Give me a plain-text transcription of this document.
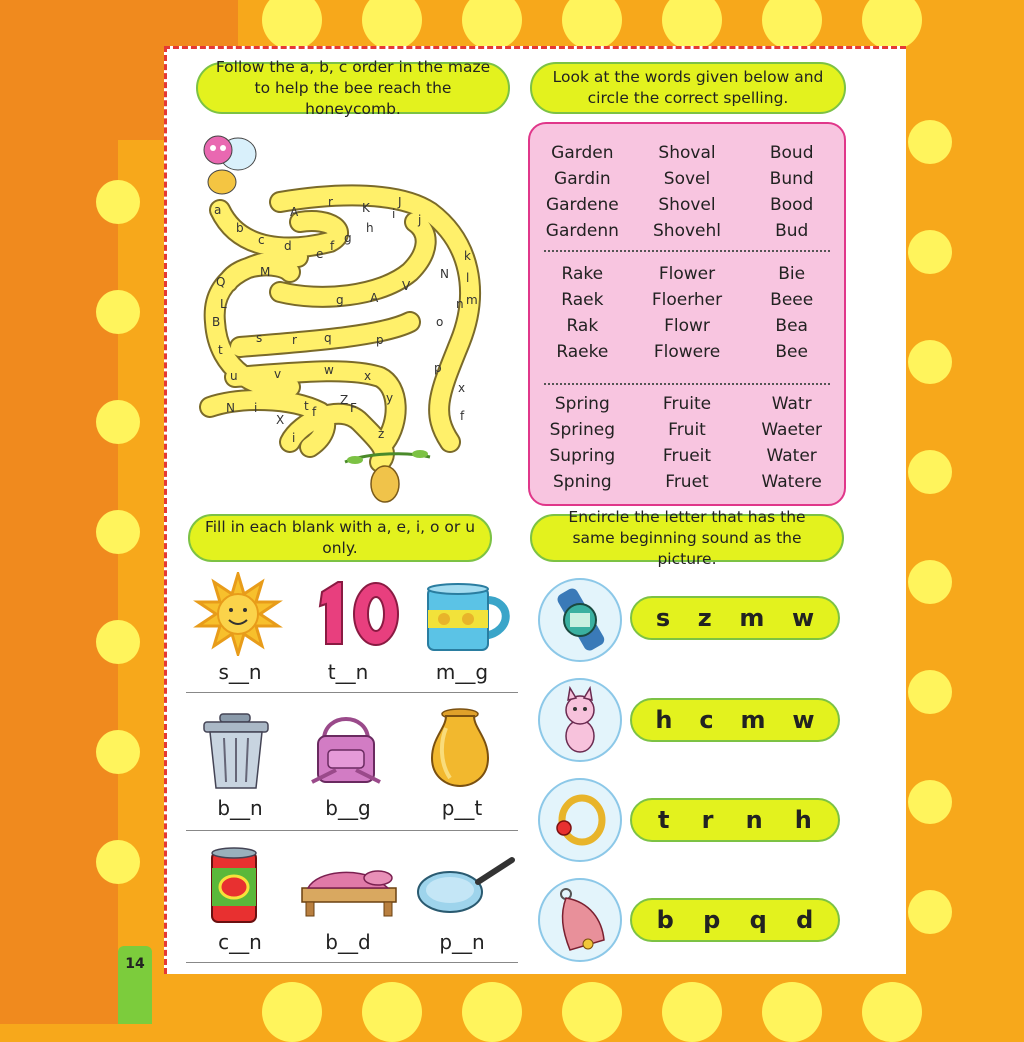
14
Follow the a, b, c order in the maze to help the bee reach the honeycomb.
Look at the words given below and circle the correct spelling.
Fill in each blank with a, e, i, o or u only.
Encircle the letter that has the same beginning sound as the picture.
a
b
c d
e
f
g
h
i j
k
l
m
n
o
p
q
r
s
t
u	v	w	x
y
z
A
r K J
Q
M
L
B
g A
V
N
N i
X
f
Z
F
t
x
p
f
i
Garden	Shoval	Boud
Gardin	Sovel	Bund
Gardene	Shovel	Bood
Gardenn	Shovehl	Bud
Rake	Flower	Bie
Raek	Floerher	Beee
Rak	Flowr	Bea
Raeke	Flowere	Bee
Spring	Fruite	Watr
Sprineg	Fruit	Waeter
Supring	Frueit	Water
Spning	Fruet	Watere
s__n	t__n	m__g
b__n	b__g	p__t
c__n	b__d	p__n
s z m w
h c m w
t r n h
b p q d
